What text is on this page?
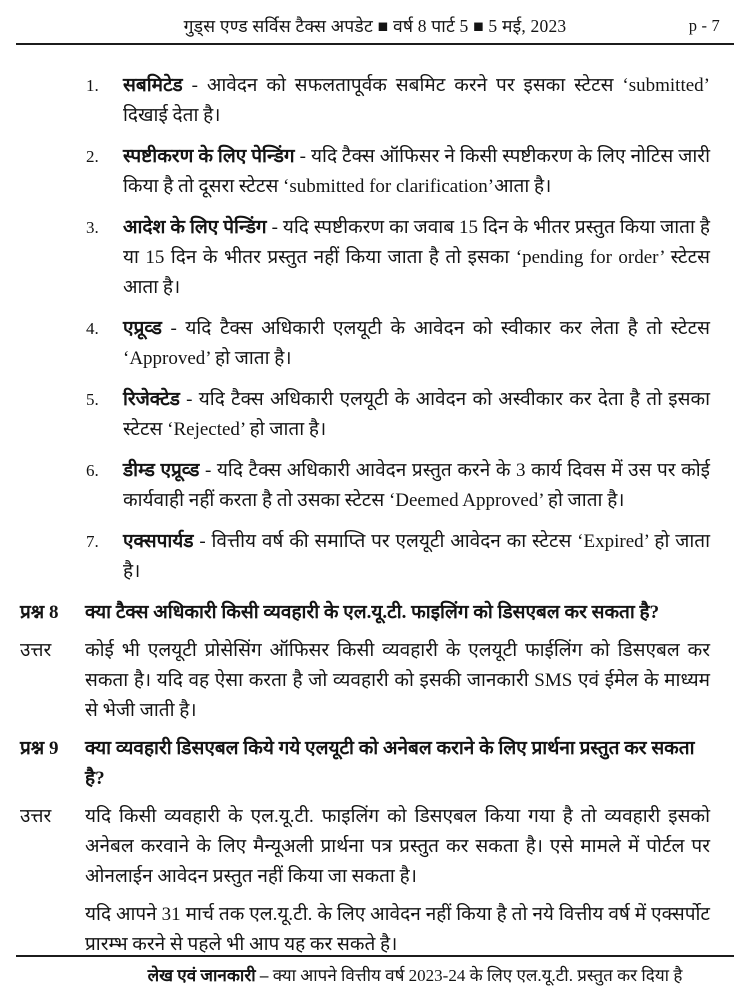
गुड्स एण्ड सर्विस टैक्स अपडेट ■ वर्ष 8 पार्ट 5 ■ 5 मई, 2023	p - 7
1.	सबमिटेड - आवेदन को सफलतापूर्वक सबमिट करने पर इसका स्टेटस ‘submitted’ दिखाई देता है।
2.	स्पष्टीकरण के लिए पेन्डिंग - यदि टैक्स ऑफिसर ने किसी स्पष्टीकरण के लिए नोटिस जारी किया है तो दूसरा स्टेटस ‘submitted for clarification’आता है।
3.	आदेश के लिए पेन्डिंग - यदि स्पष्टीकरण का जवाब 15 दिन के भीतर प्रस्तुत किया जाता है या 15 दिन के भीतर प्रस्तुत नहीं किया जाता है तो इसका ‘pending for order’ स्टेटस आता है।
4.	एप्रूव्ड - यदि टैक्स अधिकारी एलयूटी के आवेदन को स्वीकार कर लेता है तो स्टेटस ‘Approved’ हो जाता है।
5.	रिजेक्टेड - यदि टैक्स अधिकारी एलयूटी के आवेदन को अस्वीकार कर देता है तो इसका स्टेटस ‘Rejected’ हो जाता है।
6.	डीम्ड एप्रूव्ड - यदि टैक्स अधिकारी आवेदन प्रस्तुत करने के 3 कार्य दिवस में उस पर कोई कार्यवाही नहीं करता है तो उसका स्टेटस ‘Deemed Approved’ हो जाता है।
7.	एक्सपार्यड - वित्तीय वर्ष की समाप्ति पर एलयूटी आवेदन का स्टेटस ‘Expired’ हो जाता है।
प्रश्न 8	क्या टैक्स अधिकारी किसी व्यवहारी के एल.यू.टी. फाइलिंग को डिसएबल कर सकता है?
उत्तर	कोई भी एलयूटी प्रोसेसिंग ऑफिसर किसी व्यवहारी के एलयूटी फाईलिंग को डिसएबल कर सकता है। यदि वह ऐसा करता है जो व्यवहारी को इसकी जानकारी SMS एवं ईमेल के माध्यम से भेजी जाती है।
प्रश्न 9	क्या व्यवहारी डिसएबल किये गये एलयूटी को अनेबल कराने के लिए प्रार्थना प्रस्तुत कर सकता है?
उत्तर	यदि किसी व्यवहारी के एल.यू.टी. फाइलिंग को डिसएबल किया गया है तो व्यवहारी इसको अनेबल करवाने के लिए मैन्यूअली प्रार्थना पत्र प्रस्तुत कर सकता है। एसे मामले में पोर्टल पर ओनलाईन आवेदन प्रस्तुत नहीं किया जा सकता है।
यदि आपने 31 मार्च तक एल.यू.टी. के लिए आवेदन नहीं किया है तो नये वित्तीय वर्ष में एक्सर्पोट प्रारम्भ करने से पहले भी आप यह कर सकते है।
लेख एवं जानकारी – क्या आपने वित्तीय वर्ष 2023-24 के लिए एल.यू.टी. प्रस्तुत कर दिया है
